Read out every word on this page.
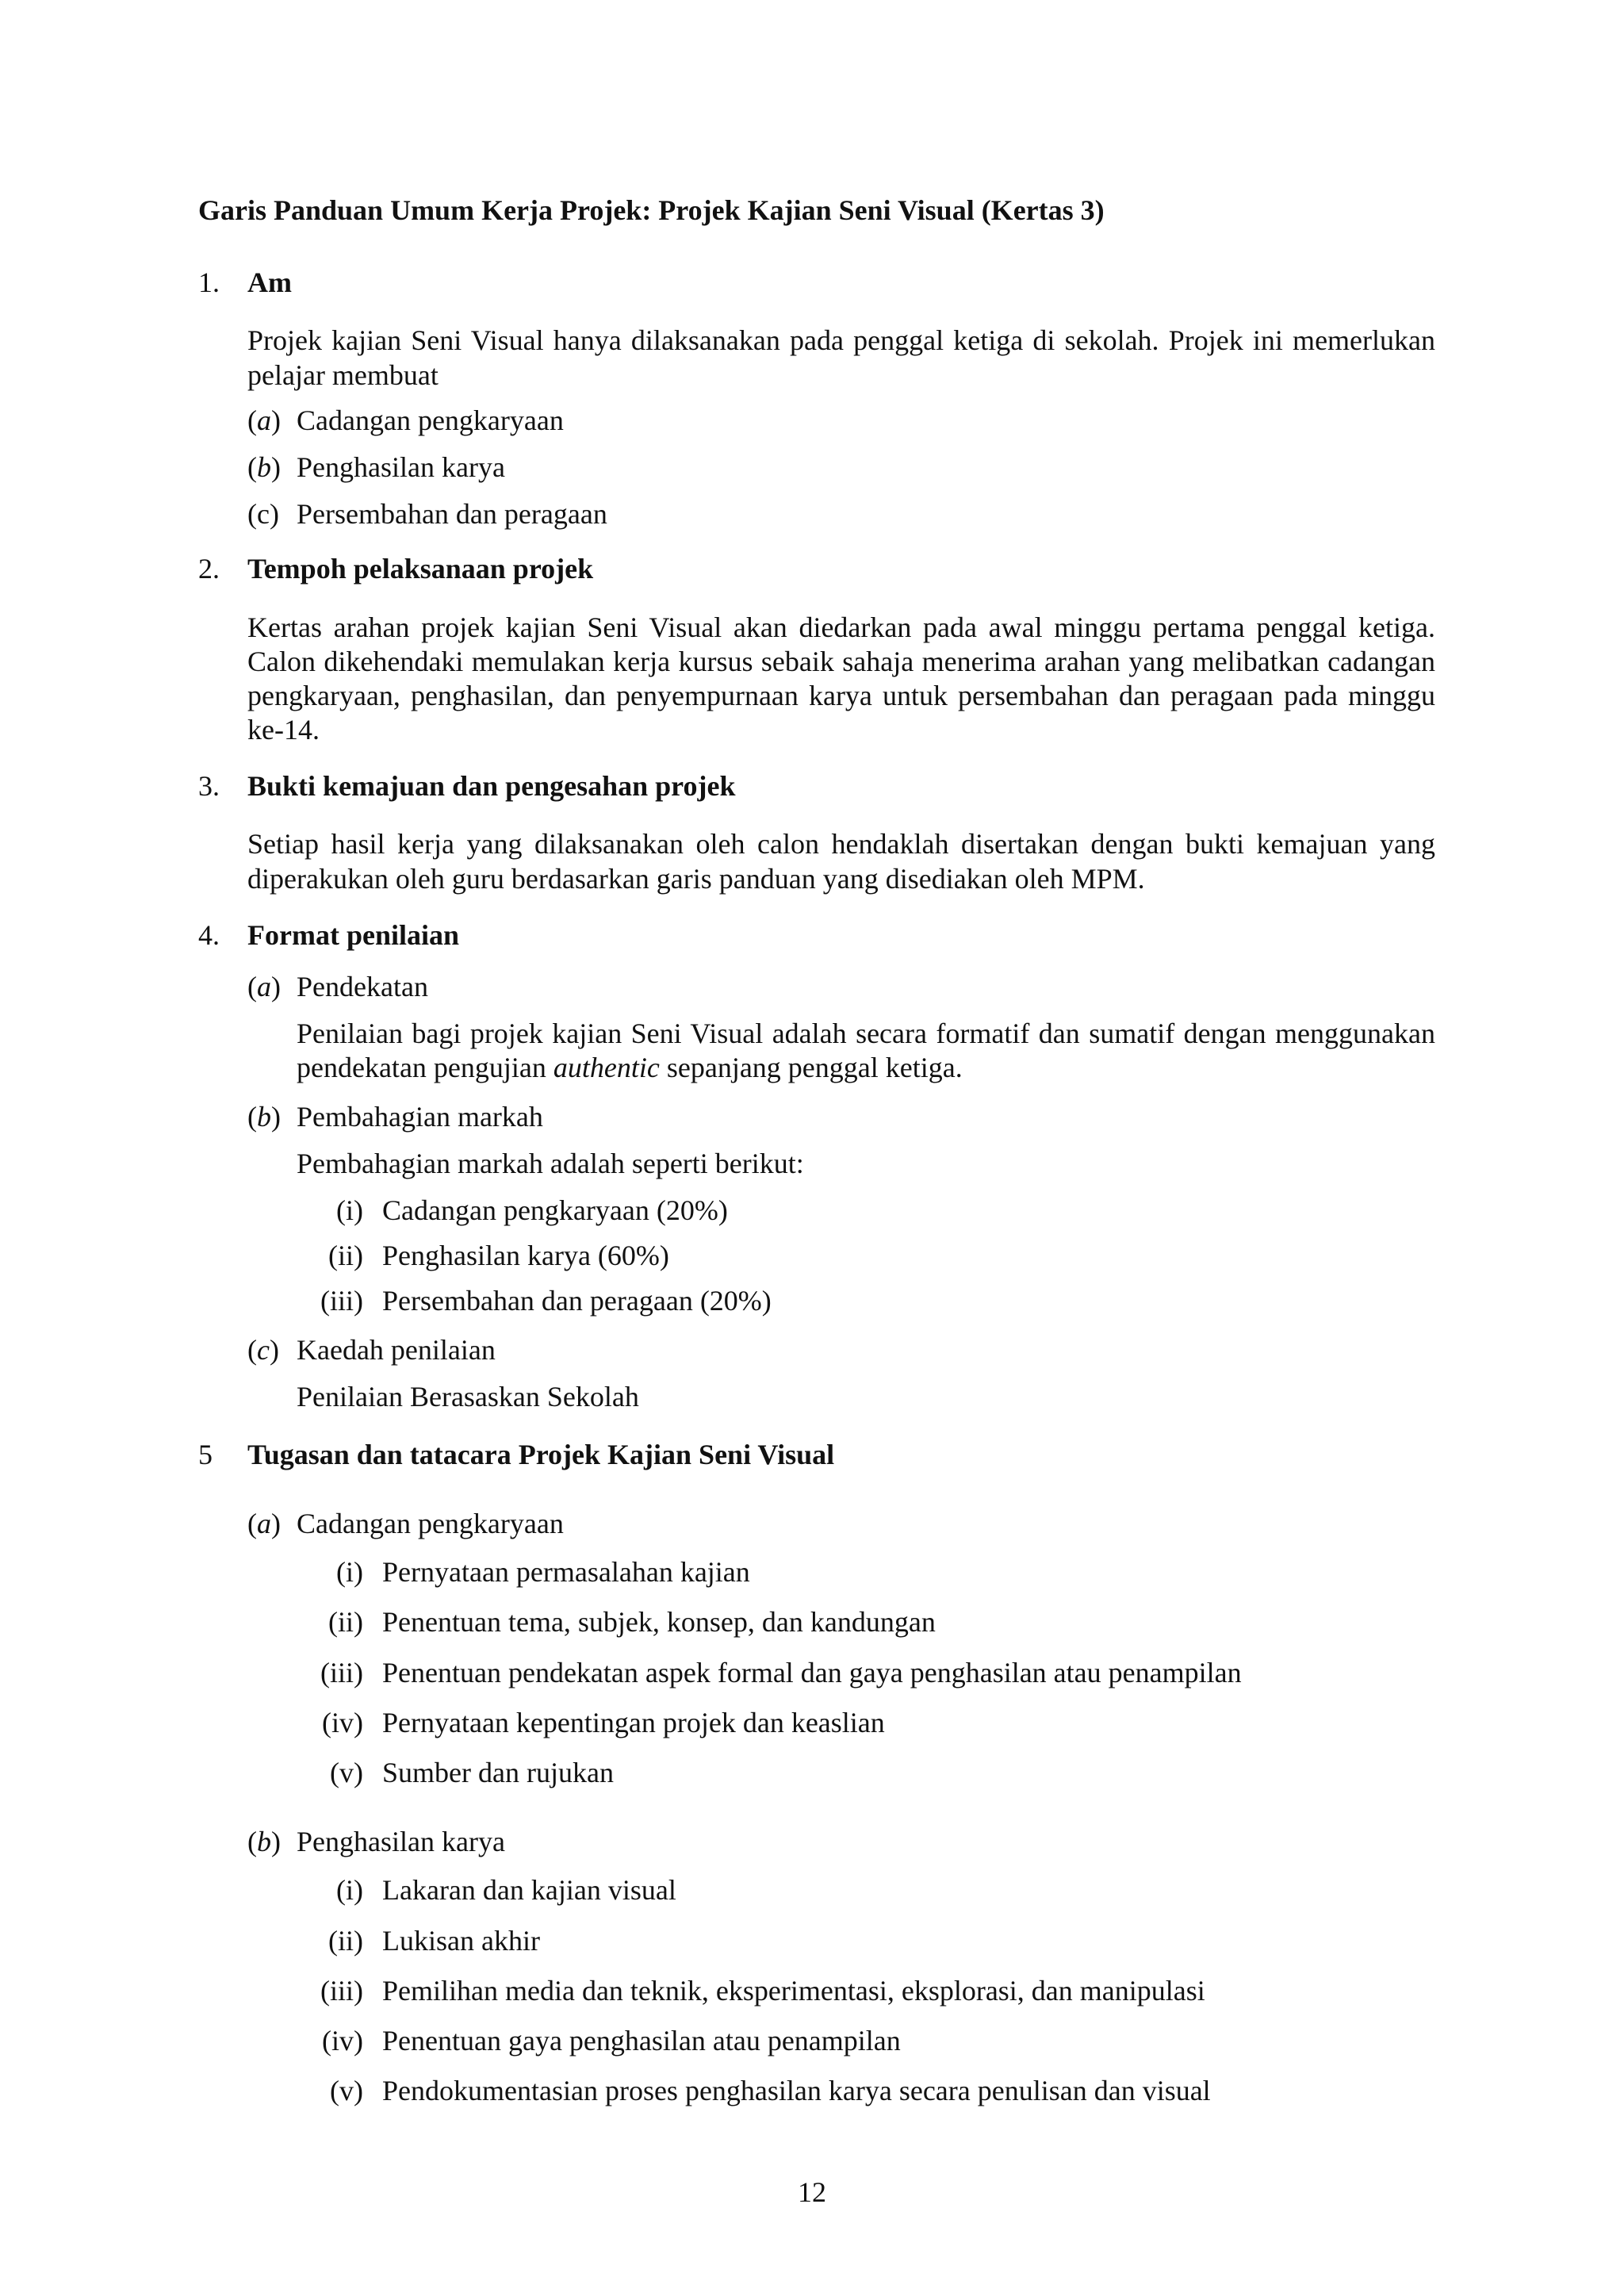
Garis Panduan Umum Kerja Projek: Projek Kajian Seni Visual (Kertas 3)

1. Am

Projek kajian Seni Visual hanya dilaksanakan pada penggal ketiga di sekolah. Projek ini memerlukan pelajar membuat

(a) Cadangan pengkaryaan
(b) Penghasilan karya
(c) Persembahan dan peragaan
2. Tempoh pelaksanaan projek

Kertas arahan projek kajian Seni Visual akan diedarkan pada awal minggu pertama penggal ketiga. Calon dikehendaki memulakan kerja kursus sebaik sahaja menerima arahan yang melibatkan cadangan pengkaryaan, penghasilan, dan penyempurnaan karya untuk persembahan dan peragaan pada minggu ke-14.

3. Bukti kemajuan dan pengesahan projek

Setiap hasil kerja yang dilaksanakan oleh calon hendaklah disertakan dengan bukti kemajuan yang diperakukan oleh guru berdasarkan garis panduan yang disediakan oleh MPM.

4. Format penilaian
(a) Pendekatan

Penilaian bagi projek kajian Seni Visual adalah secara formatif dan sumatif dengan menggunakan pendekatan pengujian authentic sepanjang penggal ketiga.

(b) Pembahagian markah

Pembahagian markah adalah seperti berikut:

(i) Cadangan pengkaryaan (20%)
(ii) Penghasilan karya (60%)
(iii) Persembahan dan peragaan (20%)
(c) Kaedah penilaian

Penilaian Berasaskan Sekolah

5 Tugasan dan tatacara Projek Kajian Seni Visual
(a) Cadangan pengkaryaan
(i) Pernyataan permasalahan kajian
(ii) Penentuan tema, subjek, konsep, dan kandungan
(iii) Penentuan pendekatan aspek formal dan gaya penghasilan atau penampilan
(iv) Pernyataan kepentingan projek dan keaslian
(v) Sumber dan rujukan
(b) Penghasilan karya
(i) Lakaran dan kajian visual
(ii) Lukisan akhir
(iii) Pemilihan media dan teknik, eksperimentasi, eksplorasi, dan manipulasi
(iv) Penentuan gaya penghasilan atau penampilan
(v) Pendokumentasian proses penghasilan karya secara penulisan dan visual
12
